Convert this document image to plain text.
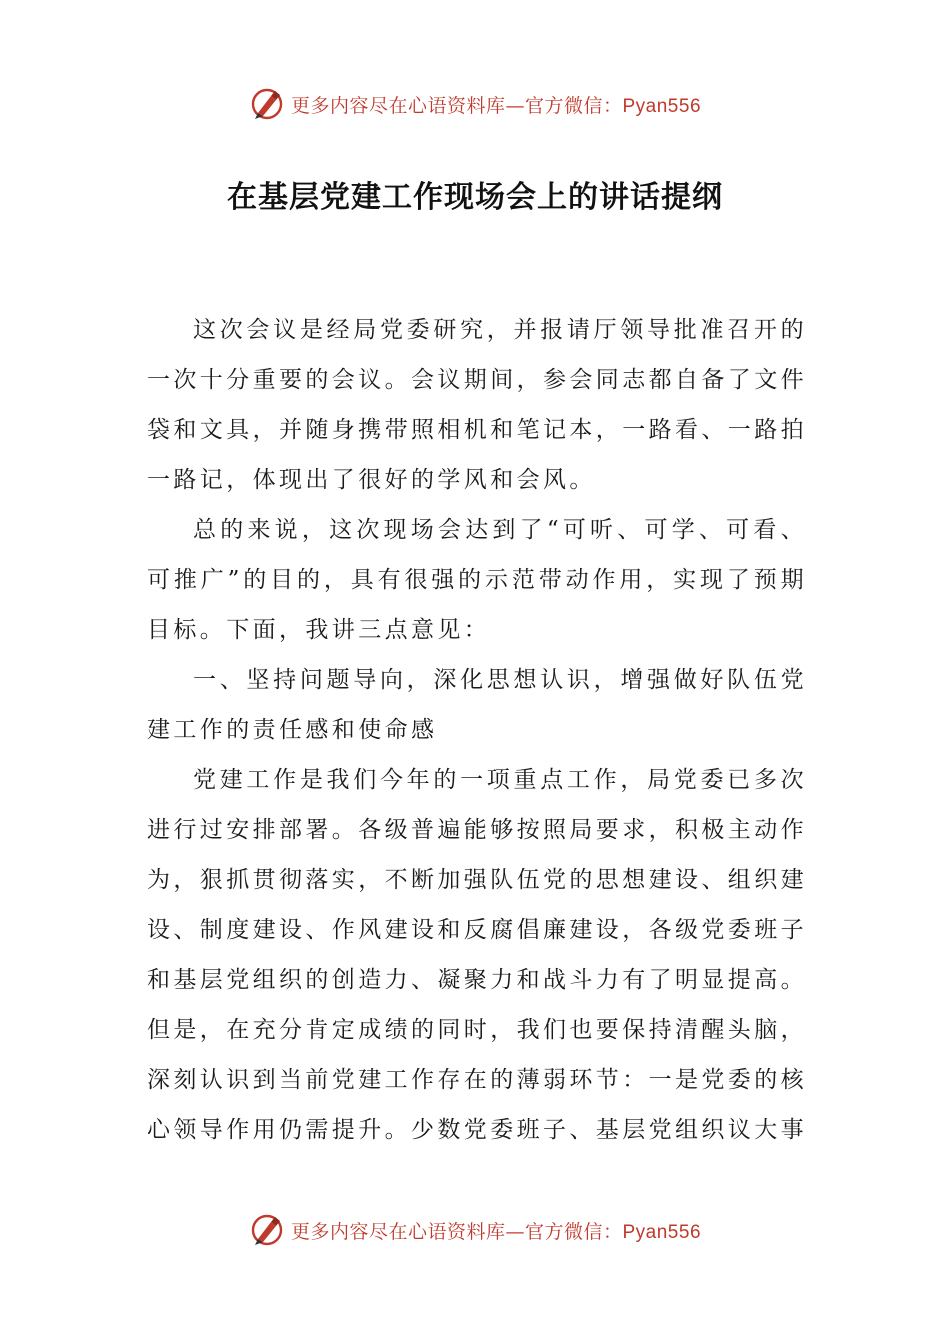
更多内容尽在心语资料库—官方微信：Pyan556
在基层党建工作现场会上的讲话提纲

这次会议是经局党委研究，并报请厅领导批准召开的一次十分重要的会议。会议期间，参会同志都自备了文件袋和文具，并随身携带照相机和笔记本，一路看、一路拍一路记，体现出了很好的学风和会风。

总的来说，这次现场会达到了“可听、可学、可看、可推广”的目的，具有很强的示范带动作用，实现了预期目标。下面，我讲三点意见：

一、坚持问题导向，深化思想认识，增强做好队伍党建工作的责任感和使命感

党建工作是我们今年的一项重点工作，局党委已多次进行过安排部署。各级普遍能够按照局要求，积极主动作为，狠抓贯彻落实，不断加强队伍党的思想建设、组织建设、制度建设、作风建设和反腐倡廉建设，各级党委班子和基层党组织的创造力、凝聚力和战斗力有了明显提高。但是，在充分肯定成绩的同时，我们也要保持清醒头脑，深刻认识到当前党建工作存在的薄弱环节：一是党委的核心领导作用仍需提升。少数党委班子、基层党组织议大事

更多内容尽在心语资料库—官方微信：Pyan556
